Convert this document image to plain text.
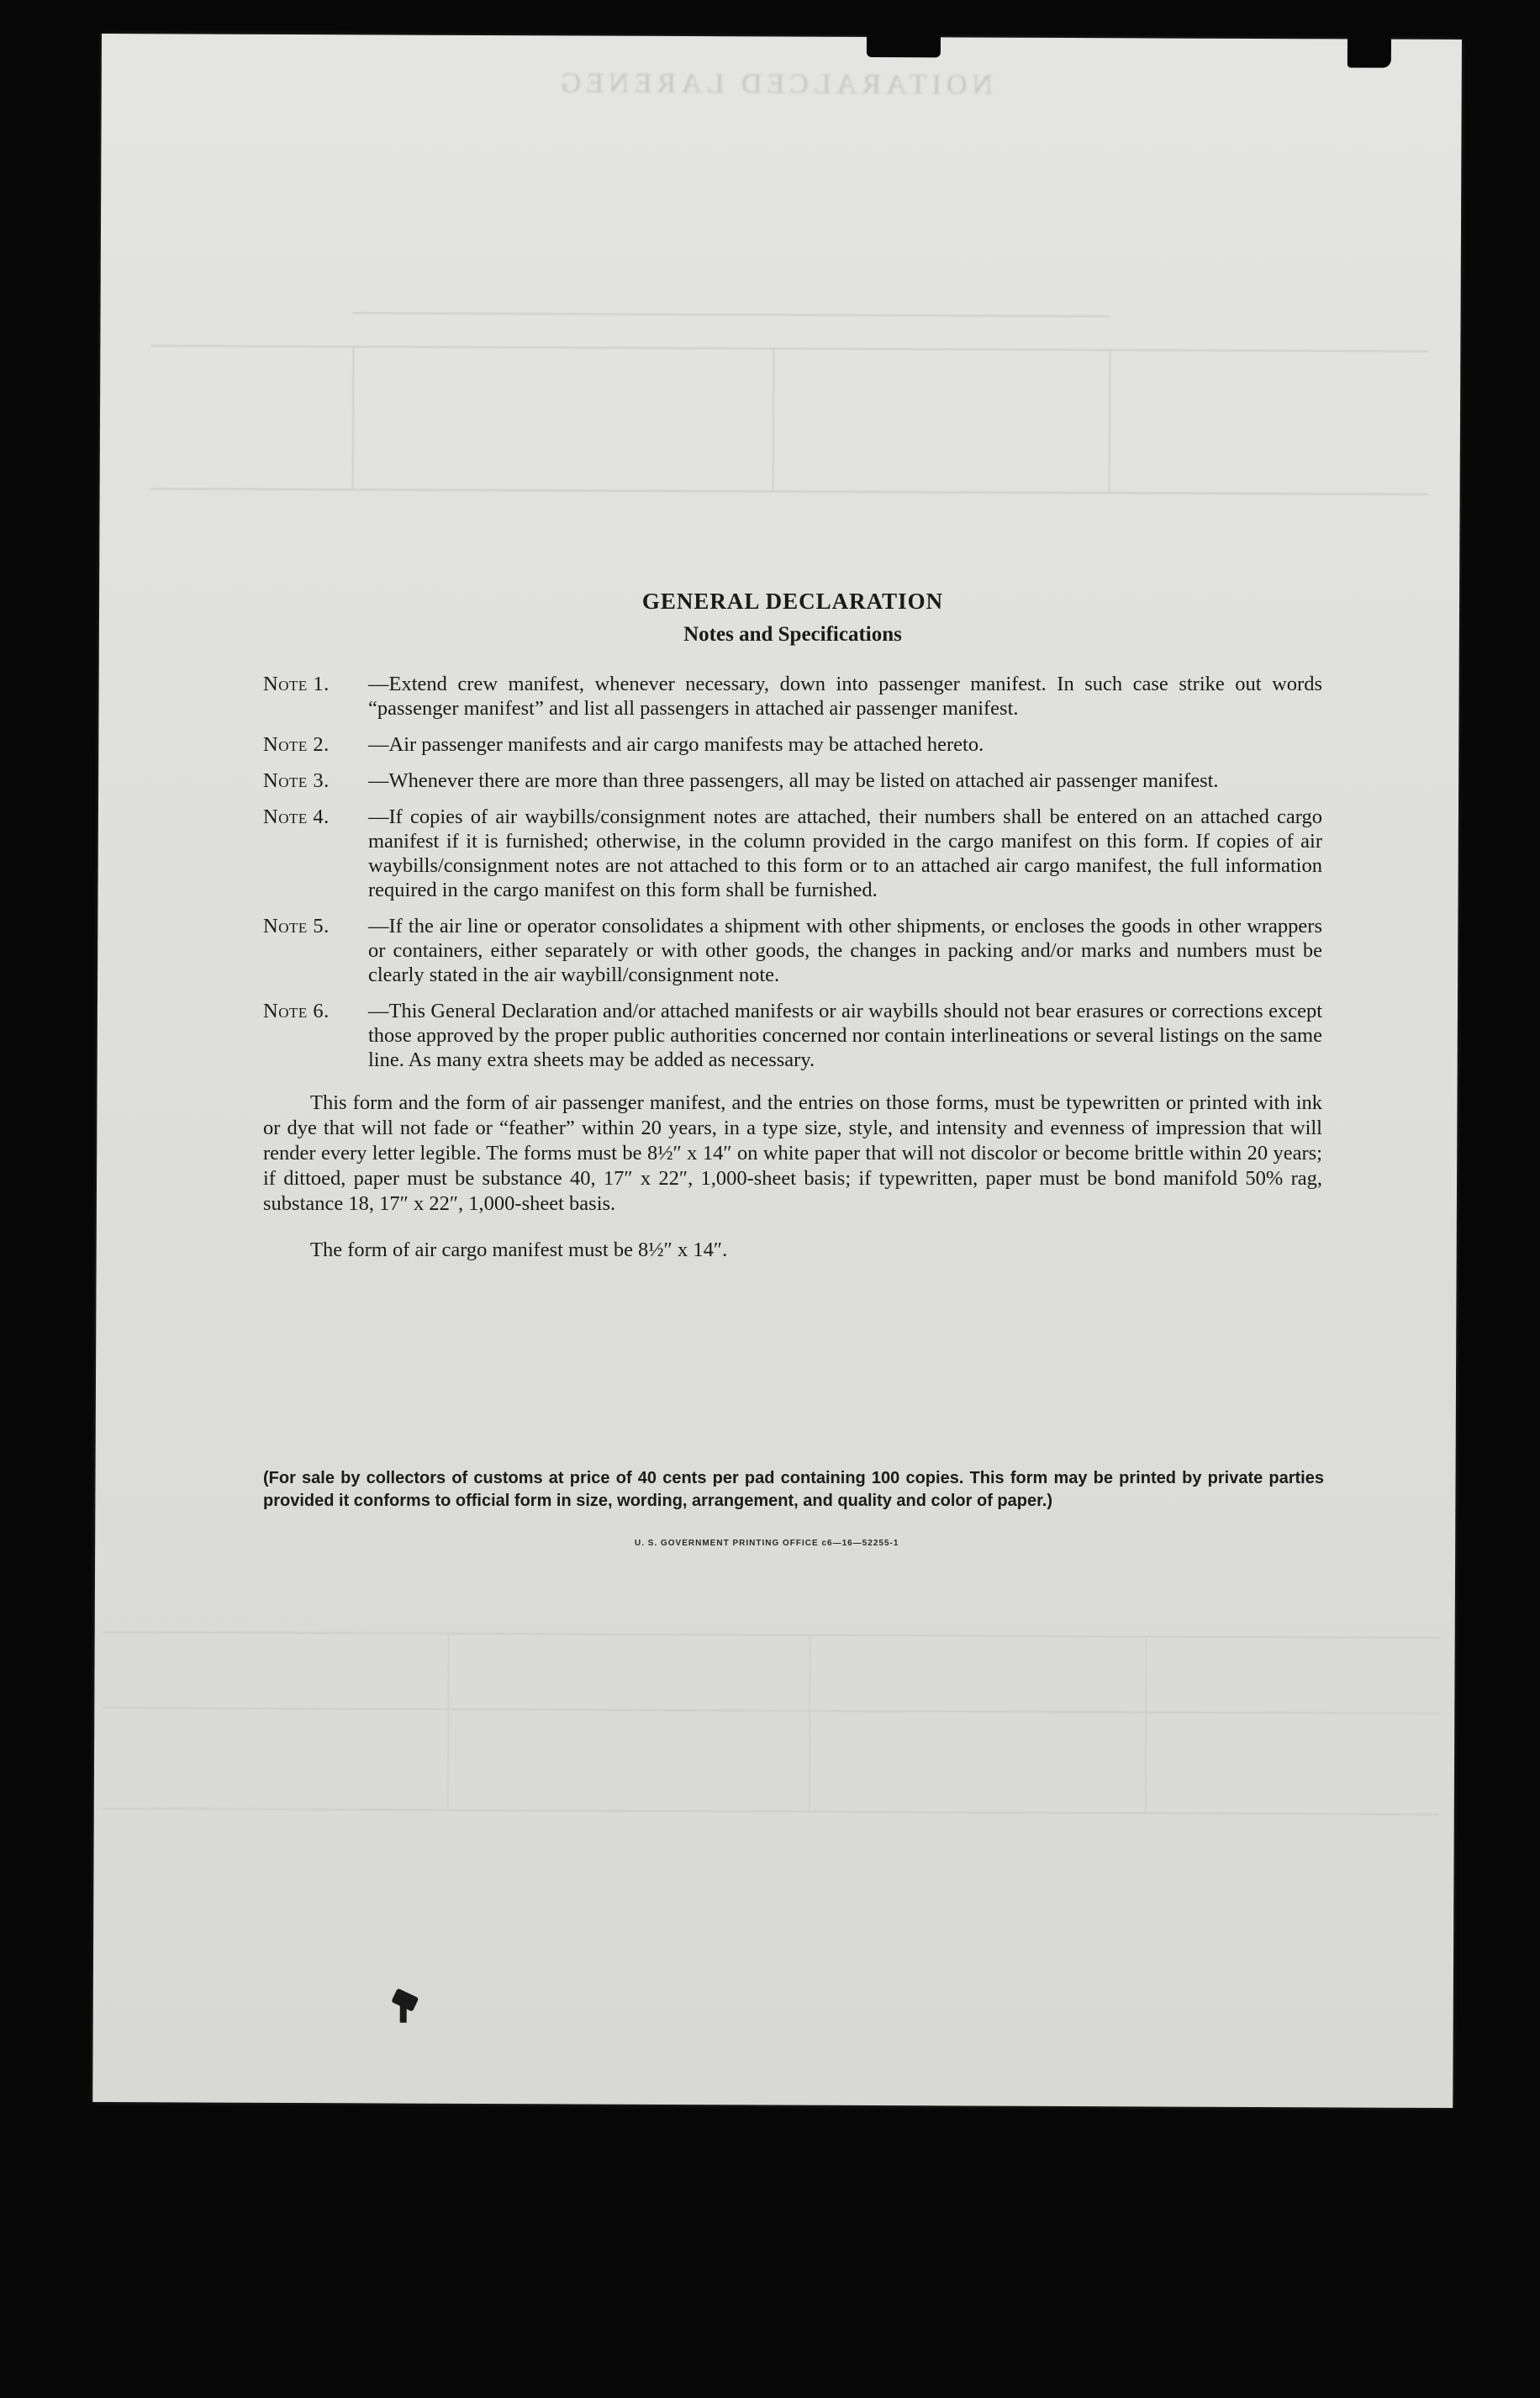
NOITARALCED LARENEG
GENERAL DECLARATION
Notes and Specifications
Note 1.	—Extend crew manifest, whenever necessary, down into passenger manifest. In such case strike out words “passenger manifest” and list all passengers in attached air passenger manifest.
Note 2.	—Air passenger manifests and air cargo manifests may be attached hereto.
Note 3.	—Whenever there are more than three passengers, all may be listed on attached air passenger manifest.
Note 4.	—If copies of air waybills/consignment notes are attached, their numbers shall be entered on an attached cargo manifest if it is furnished; otherwise, in the column provided in the cargo manifest on this form. If copies of air waybills/consignment notes are not attached to this form or to an attached air cargo manifest, the full information required in the cargo manifest on this form shall be furnished.
Note 5.	—If the air line or operator consolidates a shipment with other shipments, or encloses the goods in other wrappers or containers, either separately or with other goods, the changes in packing and/or marks and numbers must be clearly stated in the air waybill/consignment note.
Note 6.	—This General Declaration and/or attached manifests or air waybills should not bear erasures or corrections except those approved by the proper public authorities concerned nor contain interlineations or several listings on the same line. As many extra sheets may be added as necessary.

This form and the form of air passenger manifest, and the entries on those forms, must be typewritten or printed with ink or dye that will not fade or “feather” within 20 years, in a type size, style, and intensity and evenness of impression that will render every letter legible. The forms must be 8½″ x 14″ on white paper that will not discolor or become brittle within 20 years; if dittoed, paper must be substance 40, 17″ x 22″, 1,000-sheet basis; if typewritten, paper must be bond manifold 50% rag, substance 18, 17″ x 22″, 1,000-sheet basis.

The form of air cargo manifest must be 8½″ x 14″.

(For sale by collectors of customs at price of 40 cents per pad containing 100 copies. This form may be printed by private parties provided it conforms to official form in size, wording, arrangement, and quality and color of paper.)
U. S. GOVERNMENT PRINTING OFFICE c6—16—52255-1
